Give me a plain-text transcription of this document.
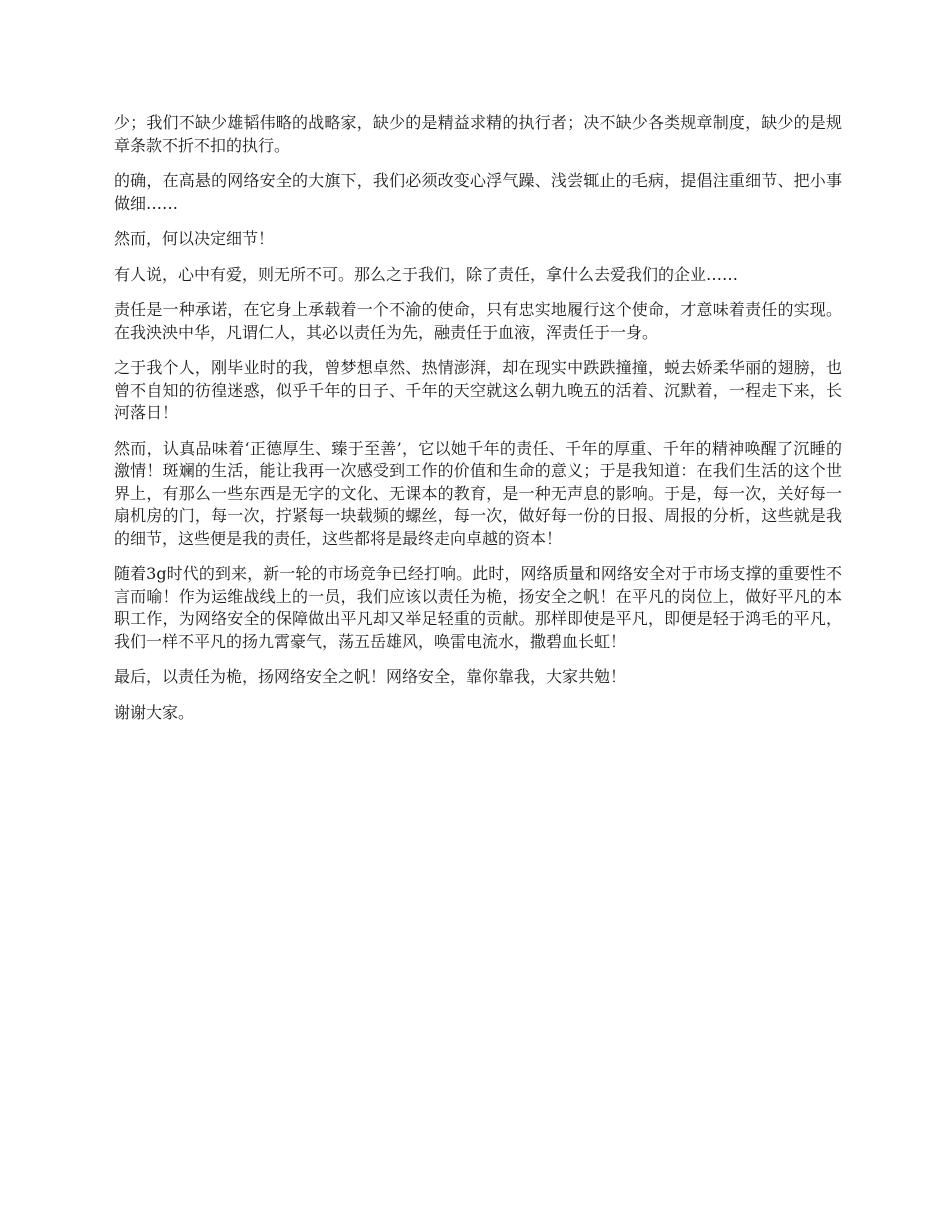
少；我们不缺少雄韬伟略的战略家，缺少的是精益求精的执行者；决不缺少各类规章制度，缺少的是规章条款不折不扣的执行。

的确，在高悬的网络安全的大旗下，我们必须改变心浮气躁、浅尝辄止的毛病，提倡注重细节、把小事做细……

然而，何以决定细节！

有人说，心中有爱，则无所不可。那么之于我们，除了责任，拿什么去爱我们的企业……

责任是一种承诺，在它身上承载着一个不渝的使命，只有忠实地履行这个使命，才意味着责任的实现。在我泱泱中华，凡谓仁人，其必以责任为先，融责任于血液，浑责任于一身。

之于我个人，刚毕业时的我，曾梦想卓然、热情澎湃，却在现实中跌跌撞撞，蜕去娇柔华丽的翅膀，也曾不自知的彷徨迷惑，似乎千年的日子、千年的天空就这么朝九晚五的活着、沉默着，一程走下来，长河落日！

然而，认真品味着‘正德厚生、臻于至善’，它以她千年的责任、千年的厚重、千年的精神唤醒了沉睡的激情！斑斓的生活，能让我再一次感受到工作的价值和生命的意义；于是我知道：在我们生活的这个世界上，有那么一些东西是无字的文化、无课本的教育，是一种无声息的影响。于是，每一次，关好每一扇机房的门，每一次，拧紧每一块载频的螺丝，每一次，做好每一份的日报、周报的分析，这些就是我的细节，这些便是我的责任，这些都将是最终走向卓越的资本！

随着3g时代的到来，新一轮的市场竞争已经打响。此时，网络质量和网络安全对于市场支撑的重要性不言而喻！作为运维战线上的一员，我们应该以责任为桅，扬安全之帆！在平凡的岗位上，做好平凡的本职工作，为网络安全的保障做出平凡却又举足轻重的贡献。那样即使是平凡，即便是轻于鸿毛的平凡，我们一样不平凡的扬九霄豪气，荡五岳雄风，唤雷电流水，撒碧血长虹！

最后，以责任为桅，扬网络安全之帆！网络安全，靠你靠我，大家共勉！

谢谢大家。
